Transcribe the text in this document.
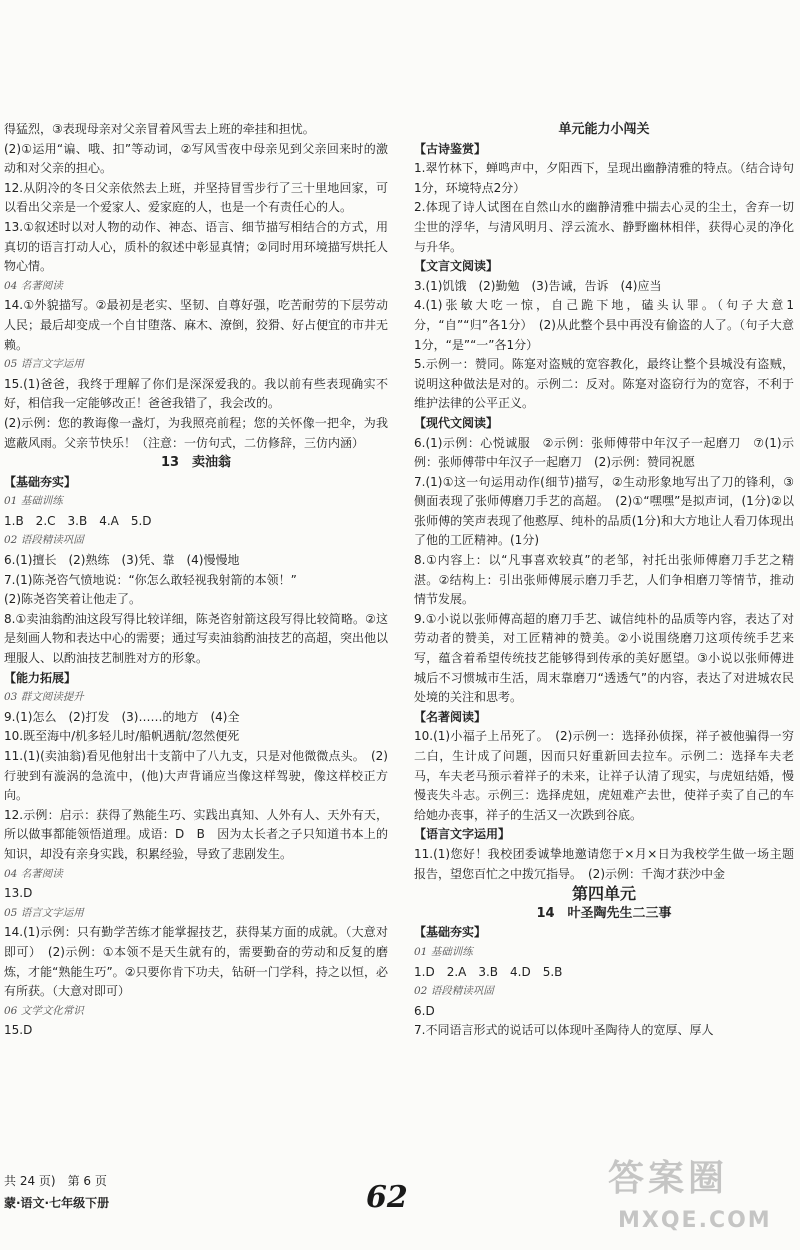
得猛烈，③表现母亲对父亲冒着风雪去上班的牵挂和担忧。

(2)①运用“谝、哦、扣”等动词，②写风雪夜中母亲见到父亲回来时的激动和对父亲的担心。

12.从阴冷的冬日父亲依然去上班，并坚持冒雪步行了三十里地回家，可以看出父亲是一个爱家人、爱家庭的人，也是一个有责任心的人。

13.①叙述时以对人物的动作、神态、语言、细节描写相结合的方式，用真切的语言打动人心，质朴的叙述中彰显真情；②同时用环境描写烘托人物心情。

04 名著阅读

14.①外貌描写。②最初是老实、坚韧、自尊好强，吃苦耐劳的下层劳动人民；最后却变成一个自甘堕落、麻木、潦倒，狡猾、好占便宜的市井无赖。

05 语言文字运用

15.(1)爸爸，我终于理解了你们是深深爱我的。我以前有些表现确实不好，相信我一定能够改正！爸爸我错了，我会改的。

(2)示例：您的教诲像一盏灯，为我照亮前程；您的关怀像一把伞，为我遮蔽风雨。父亲节快乐！（注意：一仿句式，二仿修辞，三仿内涵）

13　卖油翁

【基础夯实】

01 基础训练

1.B　2.C　3.B　4.A　5.D

02 语段精读巩固

6.(1)擅长　(2)熟练　(3)凭、靠　(4)慢慢地

7.(1)陈尧咨气愤地说：“你怎么敢轻视我射箭的本领！”

(2)陈尧咨笑着让他走了。

8.①卖油翁酌油这段写得比较详细，陈尧咨射箭这段写得比较简略。②这是刻画人物和表达中心的需要；通过写卖油翁酌油技艺的高超，突出他以理服人、以酌油技艺制胜对方的形象。

【能力拓展】

03 群文阅读提升

9.(1)怎么　(2)打发　(3)……的地方　(4)全

10.既至海中/机多轻儿时/船帆遇航/忽然便死

11.(1)(卖油翁)看见他射出十支箭中了八九支，只是对他微微点头。　(2)行驶到有漩涡的急流中，(他)大声背诵应当像这样驾驶，像这样校正方向。

12.示例：启示：获得了熟能生巧、实践出真知、人外有人、天外有天，所以做事都能领悟道理。成语：D　B　因为太长者之子只知道书本上的知识，却没有亲身实践，积累经验，导致了悲剧发生。

04 名著阅读

13.D

05 语言文字运用

14.(1)示例：只有勤学苦练才能掌握技艺，获得某方面的成就。（大意对即可）　(2)示例：①本领不是天生就有的，需要勤奋的劳动和反复的磨炼，才能“熟能生巧”。②只要你肯下功夫，钻研一门学科，持之以恒，必有所获。（大意对即可）

06 文学文化常识

15.D

单元能力小闯关

【古诗鉴赏】

1.翠竹林下，蝉鸣声中，夕阳西下，呈现出幽静清雅的特点。（结合诗句1分，环境特点2分）

2.体现了诗人试图在自然山水的幽静清雅中揣去心灵的尘土，舍弃一切尘世的浮华，与清风明月、浮云流水、静野幽林相伴，获得心灵的净化与升华。

【文言文阅读】

3.(1)饥饿　(2)勤勉　(3)告诫，告诉　(4)应当

4.(1)张敏大吃一惊，自己跪下地，磕头认罪。（句子大意1分，“自”“归”各1分）　(2)从此整个县中再没有偷盗的人了。（句子大意1分，“是”“一”各1分）

5.示例一：赞同。陈寔对盗贼的宽容教化，最终让整个县城没有盗贼，说明这种做法是对的。示例二：反对。陈寔对盗窃行为的宽容，不利于维护法律的公平正义。

【现代文阅读】

6.(1)示例：心悦诚服　②示例：张师傅带中年汉子一起磨刀　⑦(1)示例：张师傅带中年汉子一起磨刀　(2)示例：赞同祝愿

7.(1)①这一句运用动作(细节)描写，②生动形象地写出了刀的锋利，③侧面表现了张师傅磨刀手艺的高超。　(2)①“嘿嘿”是拟声词，(1分)②以张师傅的笑声表现了他憨厚、纯朴的品质(1分)和大方地让人看刀体现出了他的工匠精神。(1分)

8.①内容上：以“凡事喜欢较真”的老邹，衬托出张师傅磨刀手艺之精湛。②结构上：引出张师傅展示磨刀手艺，人们争相磨刀等情节，推动情节发展。

9.①小说以张师傅高超的磨刀手艺、诚信纯朴的品质等内容，表达了对劳动者的赞美，对工匠精神的赞美。②小说围绕磨刀这项传统手艺来写，蕴含着希望传统技艺能够得到传承的美好愿望。③小说以张师傅进城后不习惯城市生活，周末靠磨刀“透透气”的内容，表达了对进城农民处境的关注和思考。

【名著阅读】

10.(1)小福子上吊死了。　(2)示例一：选择孙侦探，祥子被他骗得一穷二白，生计成了问题，因而只好重新回去拉车。示例二：选择车夫老马，车夫老马预示着祥子的未来，让祥子认清了现实，与虎妞结婚，慢慢丧失斗志。示例三：选择虎妞，虎妞难产去世，使祥子卖了自己的车给她办丧事，祥子的生活又一次跌到谷底。

【语言文字运用】

11.(1)您好！我校团委诚挚地邀请您于×月×日为我校学生做一场主题报告，望您百忙之中拨冗指导。　(2)示例：千淘才获沙中金

第四单元

14　叶圣陶先生二三事

【基础夯实】

01 基础训练

1.D　2.A　3.B　4.D　5.B

02 语段精读巩固

6.D

7.不同语言形式的说话可以体现叶圣陶待人的宽厚、厚人

共 24 页)　第 6 页
蒙·语文·七年级下册	62	答案圈
MXQE.COM
